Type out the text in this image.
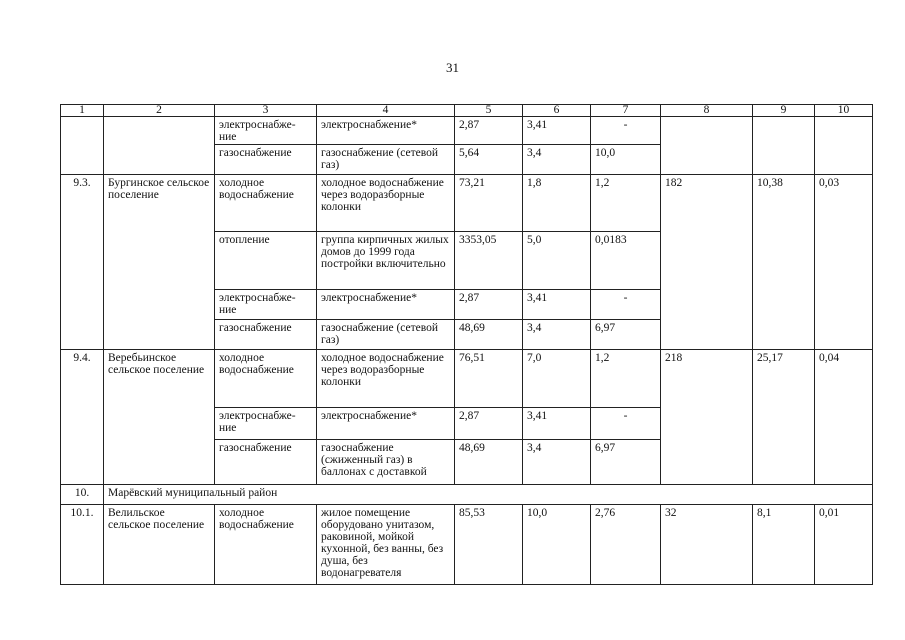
31
1	2	3	4	5	6	7	8	9	10
		электроснабже-ние	электроснабжение*	2,87	3,41	-			
		газоснабжение	газоснабжение (сетевой газ)	5,64	3,4	10,0			
9.3.	Бургинское сельское поселение	холодное водоснабжение	холодное водоснабжение через водоразборные колонки	73,21	1,8	1,2	182	10,38	0,03
		отопление	группа кирпичных жилых домов до 1999 года постройки включительно	3353,05	5,0	0,0183			
		электроснабже-ние	электроснабжение*	2,87	3,41	-			
		газоснабжение	газоснабжение (сетевой газ)	48,69	3,4	6,97			
9.4.	Веребьинское сельское поселение	холодное водоснабжение	холодное водоснабжение через водоразборные колонки	76,51	7,0	1,2	218	25,17	0,04
		электроснабже-ние	электроснабжение*	2,87	3,41	-			
		газоснабжение	газоснабжение (сжиженный газ) в баллонах с доставкой	48,69	3,4	6,97			
10.	Марёвский муниципальный район								
10.1.	Велильское сельское поселение	холодное водоснабжение	жилое помещение оборудовано унитазом, раковиной, мойкой кухонной, без ванны, без душа, без водонагревателя	85,53	10,0	2,76	32	8,1	0,01
